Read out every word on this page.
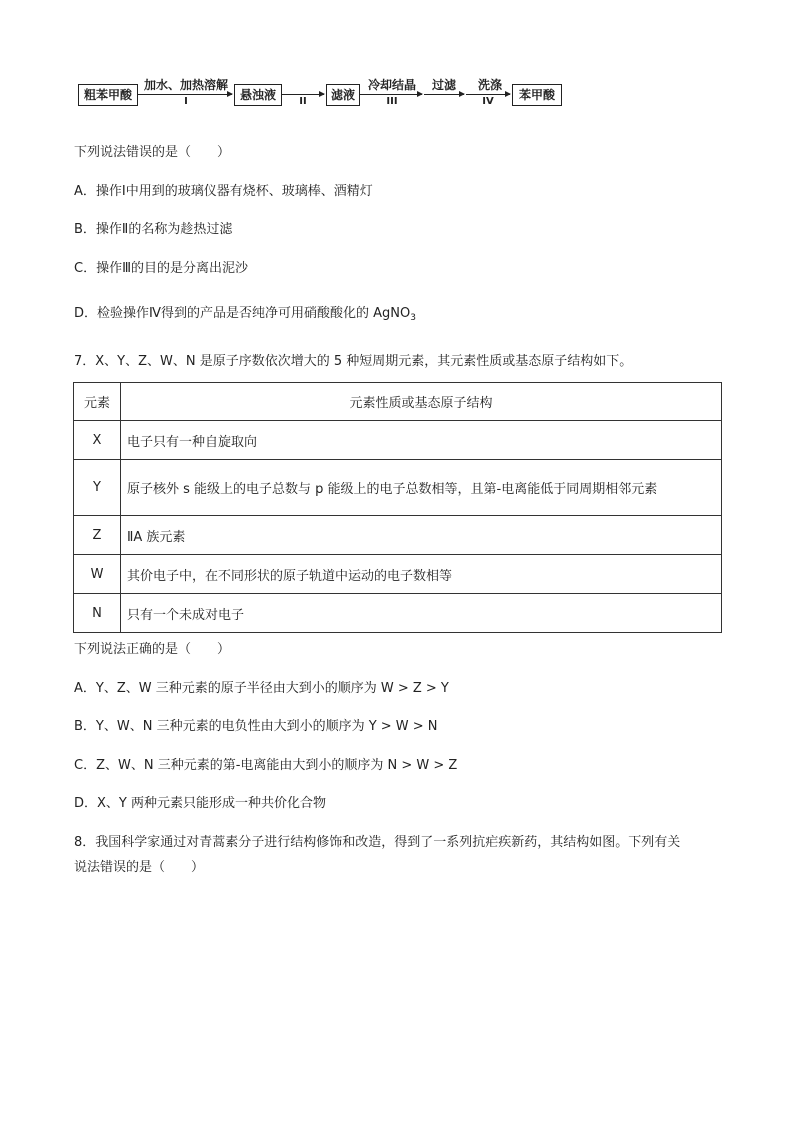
粗苯甲酸
加水、加热溶解
I	悬浊液	II	滤液
冷却结晶
III
过滤	洗涤
IV	苯甲酸
下列说法错误的是（　　）
A．操作Ⅰ中用到的玻璃仪器有烧杯、玻璃棒、酒精灯
B．操作Ⅱ的名称为趁热过滤
C．操作Ⅲ的目的是分离出泥沙
D．检验操作Ⅳ得到的产品是否纯净可用硝酸酸化的 AgNO$_3$
7．X、Y、Z、W、N 是原子序数依次增大的 5 种短周期元素，其元素性质或基态原子结构如下。
元素	元素性质或基态原子结构
X	电子只有一种自旋取向
Y	原子核外 s 能级上的电子总数与 p 能级上的电子总数相等，且第-电离能低于同周期相邻元素
Z	ⅡA 族元素
W	其价电子中，在不同形状的原子轨道中运动的电子数相等
N	只有一个未成对电子
下列说法正确的是（　　）
A．Y、Z、W 三种元素的原子半径由大到小的顺序为 W > Z > Y
B．Y、W、N 三种元素的电负性由大到小的顺序为 Y > W > N
C．Z、W、N 三种元素的第-电离能由大到小的顺序为 N > W > Z
D．X、Y 两种元素只能形成一种共价化合物
8．我国科学家通过对青蒿素分子进行结构修饰和改造，得到了一系列抗疟疾新药，其结构如图。下列有关
说法错误的是（　　）
